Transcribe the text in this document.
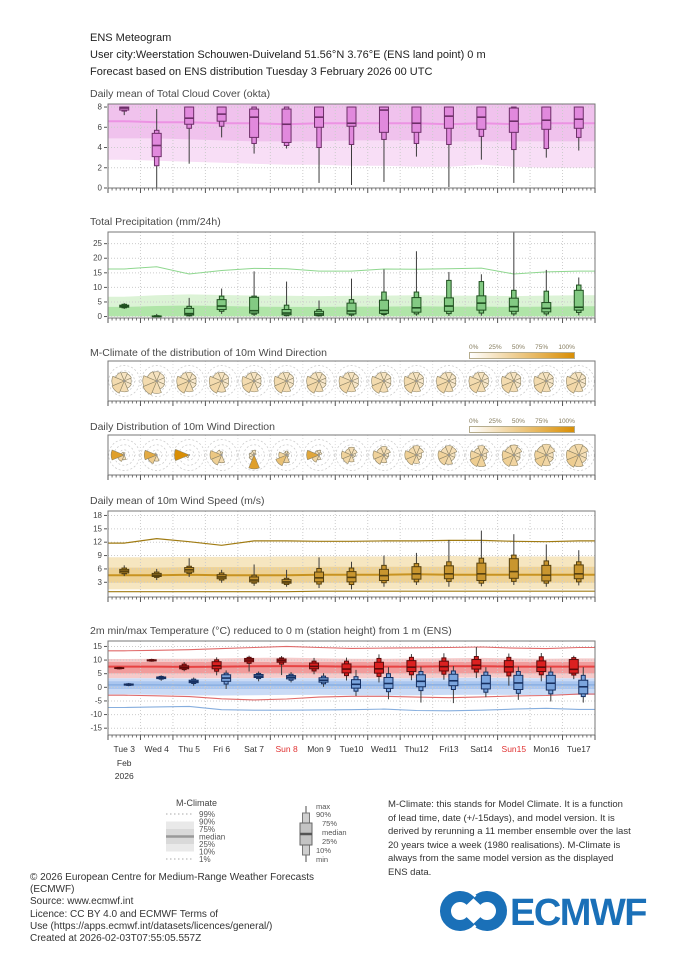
ENS Meteogram
User city:Weerstation Schouwen-Duiveland 51.56°N 3.76°E (ENS land point) 0 m
Forecast based on ENS distribution Tuesday 3 February 2026 00 UTC
Daily mean of Total Cloud Cover (okta)
0
2
4
6
8
Total Precipitation (mm/24h)
0
5
10
15
20
25
M-Climate of the distribution of 10m Wind Direction	0% 25% 50% 75% 100%
Daily Distribution of 10m Wind Direction	0% 25% 50% 75% 100%
Daily mean of 10m Wind Speed (m/s)
3
6
9
12
15
18
2m min/max Temperature (°C) reduced to 0 m (station height) from 1 m (ENS)
-15
-10
-5
0
5
10
15
Tue 3 Wed 4 Thu 5 Fri 6 Sat 7 Sun 8 Mon 9 Tue10 Wed11 Thu12 Fri13 Sat14 Sun15 Mon16 Tue17
Feb
2026
M-Climate
99%
90%
75%
median
25%
10%
1%
max
90%
75%
median
25%
10%
min
M-Climate: this stands for Model Climate. It is a function of lead time, date (+/-15days), and model version. It is derived by rerunning a 11 member ensemble over the last 20 years twice a week (1980 realisations). M-Climate is always from the same model version as the displayed ENS data.
© 2026 European Centre for Medium-Range Weather Forecasts
(ECMWF)
Source: www.ecmwf.int
Licence: CC BY 4.0 and ECMWF Terms of
Use (https://apps.ecmwf.int/datasets/licences/general/)
Created at 2026-02-03T07:55:05.557Z
ECMWF
